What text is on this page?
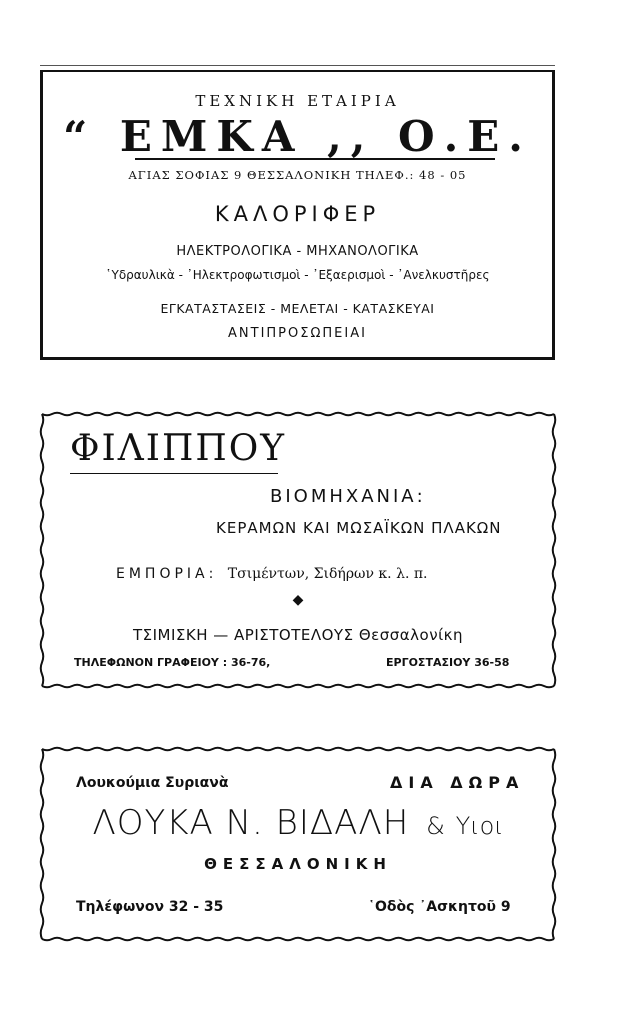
ΤΕΧΝΙΚΗ ΕΤΑΙΡΙΑ
“ ΕΜΚΑ ,, Ο.Ε.
ΑΓΙΑΣ ΣΟΦΙΑΣ 9 ΘΕΣΣΑΛΟΝΙΚΗ ΤΗΛΕΦ.: 48 - 05
ΚΑΛΟΡΙΦΕΡ
ΗΛΕΚΤΡΟΛΟΓΙΚΑ - ΜΗΧΑΝΟΛΟΓΙΚΑ
῾Υδραυλικὰ - ᾿Ηλεκτροφωτισμοὶ - ᾿Εξαερισμοὶ - ᾿Ανελκυστῆρες
ΕΓΚΑΤΑΣΤΑΣΕΙΣ - ΜΕΛΕΤΑΙ - ΚΑΤΑΣΚΕΥΑΙ
ΑΝΤΙΠΡΟΣΩΠΕΙΑΙ
ΦΙΛΙΠΠΟΥ
ΒΙΟΜΗΧΑΝΙΑ:
ΚΕΡΑΜΩΝ ΚΑΙ ΜΩΣΑΪΚΩΝ ΠΛΑΚΩΝ
ΕΜΠΟΡΙΑ: Τσιμέντων, Σιδήρων κ. λ. π.
◆
ΤΣΙΜΙΣΚΗ — ΑΡΙΣΤΟΤΕΛΟΥΣ Θεσσαλονίκη
ΤΗΛΕΦΩΝΟΝ ΓΡΑΦΕΙΟΥ : 36-76,	ΕΡΓΟΣΤΑΣΙΟΥ 36-58
Λουκούμια Συριανὰ	ΔΙΑ ΔΩΡΑ
ΛΟΥΚΑ Ν. ΒΙΔΑΛΗ & Υιοι
ΘΕΣΣΑΛΟΝΙΚΗ
Τηλέφωνον 32 - 35	῾Οδὸς ᾿Ασκητοῦ 9
